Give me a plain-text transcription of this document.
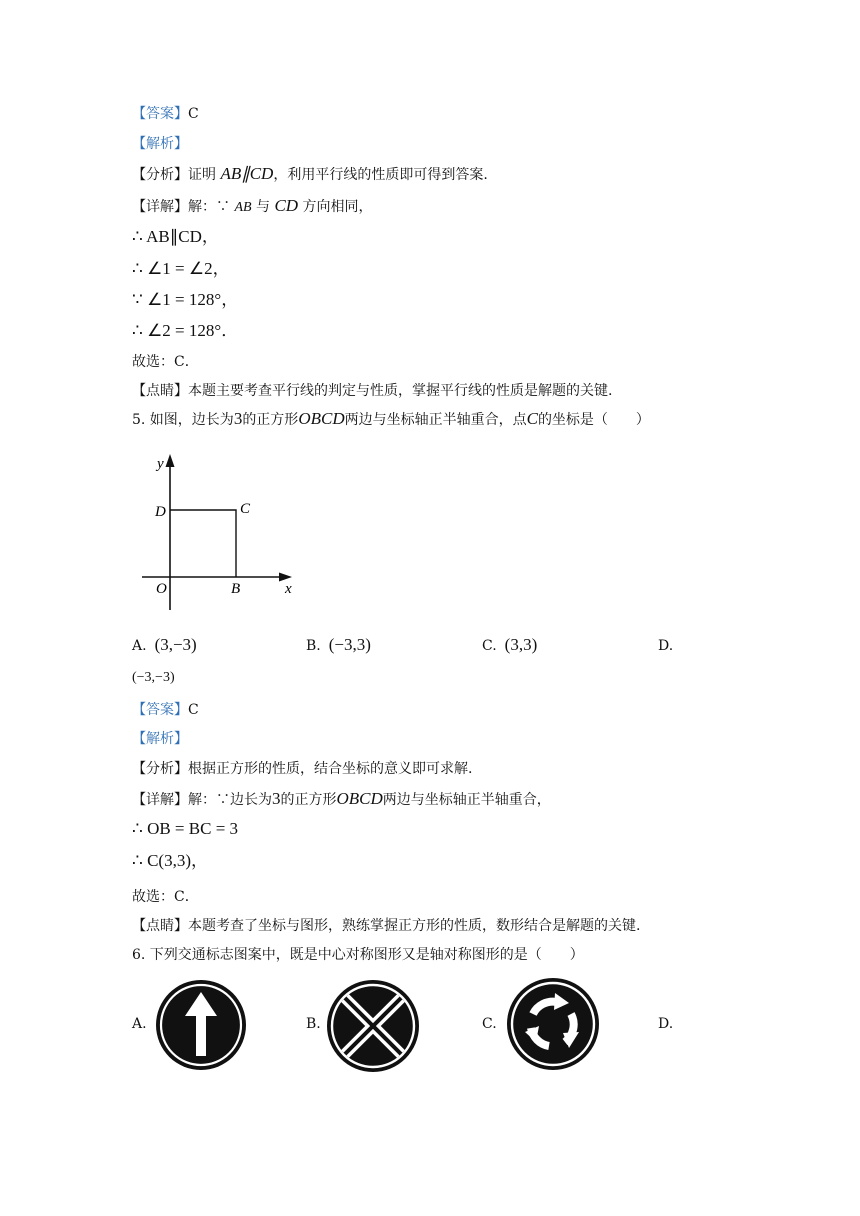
【答案】C
【解析】
【分析】证明 AB∥CD，利用平行线的性质即可得到答案.
【详解】解：∵ AB 与 CD 方向相同，
∴ AB∥CD，
∴ ∠1 = ∠2，
∵ ∠1 = 128°，
∴ ∠2 = 128°．
故选：C．
【点睛】本题主要考查平行线的判定与性质，掌握平行线的性质是解题的关键.
5. 如图，边长为3的正方形OBCD两边与坐标轴正半轴重合，点C的坐标是（　　）
y
D	C
O	B	x
A. (3,−3)	B. (−3,3)	C. (3,3)	D.
(−3,−3)
【答案】C
【解析】
【分析】根据正方形的性质，结合坐标的意义即可求解.
【详解】解：∵边长为3的正方形OBCD两边与坐标轴正半轴重合，
∴ OB = BC = 3
∴ C(3,3)，
故选：C．
【点睛】本题考查了坐标与图形，熟练掌握正方形的性质，数形结合是解题的关键.
6. 下列交通标志图案中，既是中心对称图形又是轴对称图形的是（　　）
A.	B.	C.	D.
